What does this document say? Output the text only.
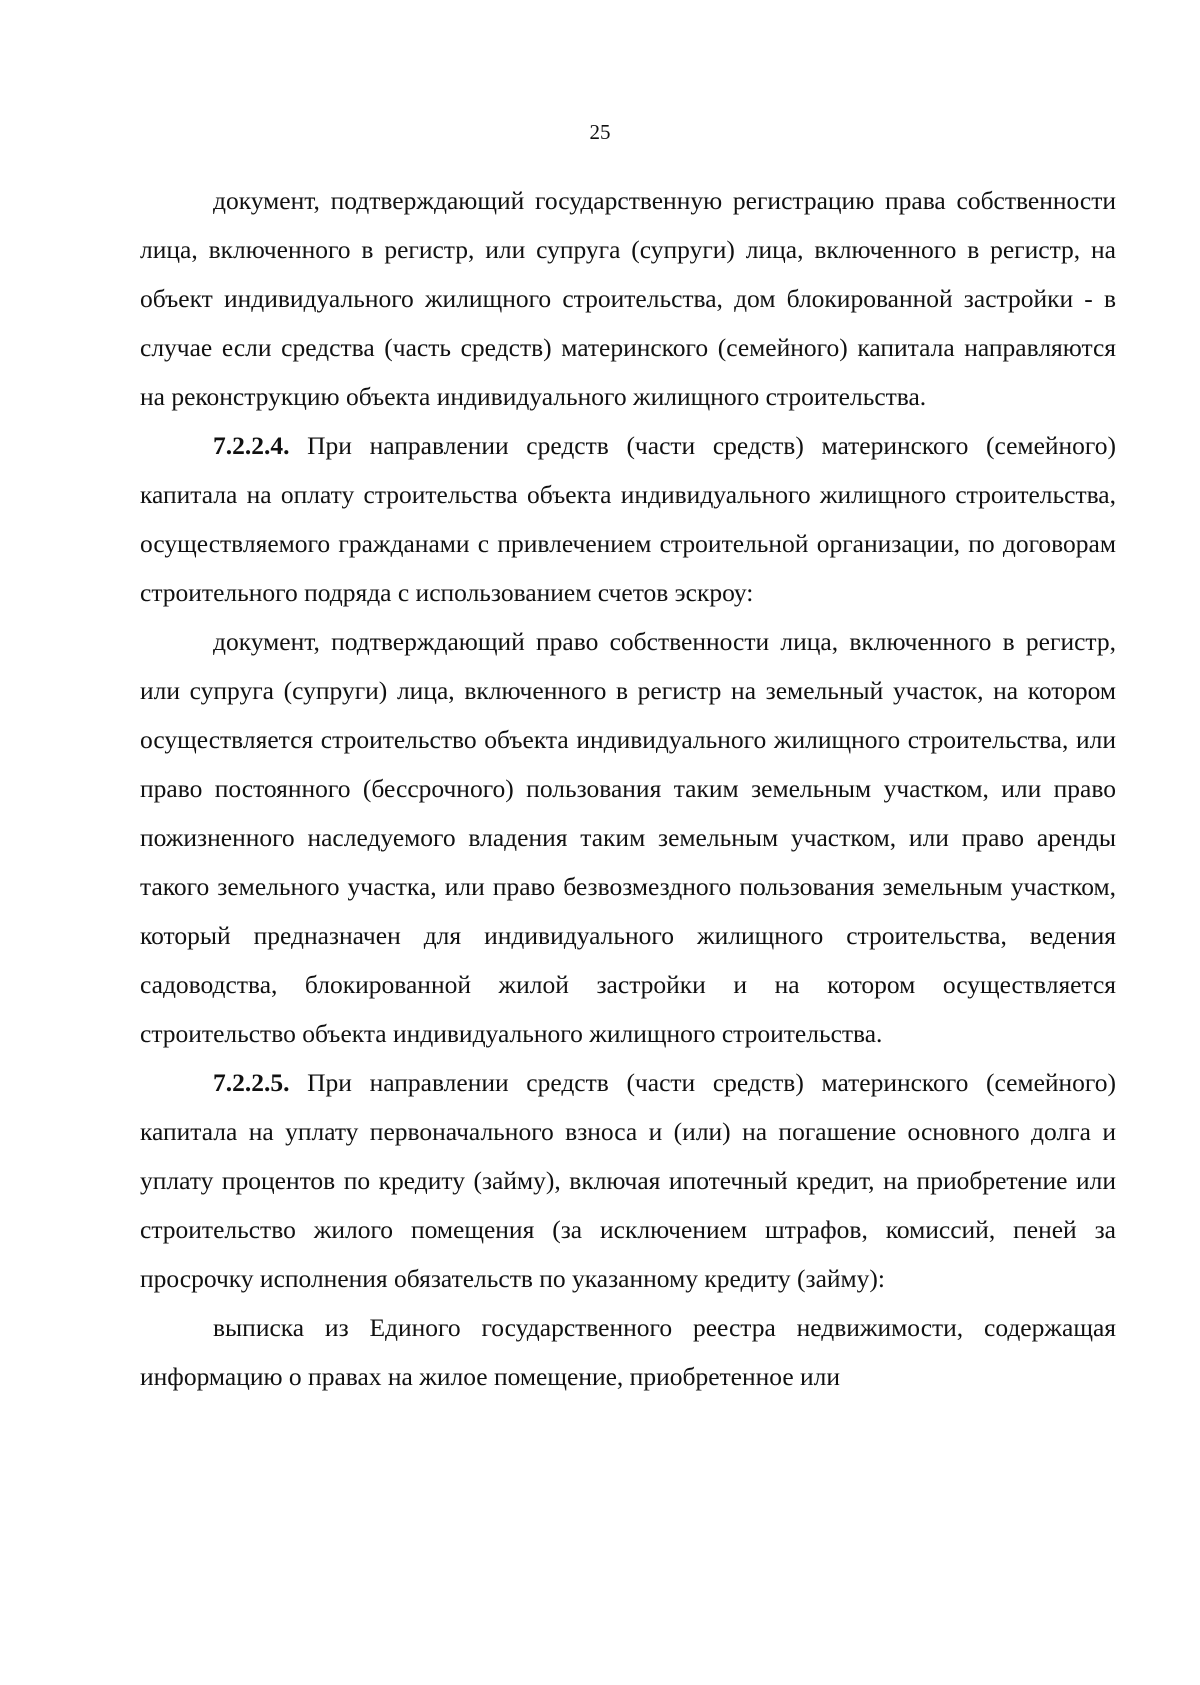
25

документ, подтверждающий государственную регистрацию права собственности лица, включенного в регистр, или супруга (супруги) лица, включенного в регистр, на объект индивидуального жилищного строительства, дом блокированной застройки - в случае если средства (часть средств) материнского (семейного) капитала направляются на реконструкцию объекта индивидуального жилищного строительства.

7.2.2.4. При направлении средств (части средств) материнского (семейного) капитала на оплату строительства объекта индивидуального жилищного строительства, осуществляемого гражданами с привлечением строительной организации, по договорам строительного подряда с использованием счетов эскроу:

документ, подтверждающий право собственности лица, включенного в регистр, или супруга (супруги) лица, включенного в регистр на земельный участок, на котором осуществляется строительство объекта индивидуального жилищного строительства, или право постоянного (бессрочного) пользования таким земельным участком, или право пожизненного наследуемого владения таким земельным участком, или право аренды такого земельного участка, или право безвозмездного пользования земельным участком, который предназначен для индивидуального жилищного строительства, ведения садоводства, блокированной жилой застройки и на котором осуществляется строительство объекта индивидуального жилищного строительства.

7.2.2.5. При направлении средств (части средств) материнского (семейного) капитала на уплату первоначального взноса и (или) на погашение основного долга и уплату процентов по кредиту (займу), включая ипотечный кредит, на приобретение или строительство жилого помещения (за исключением штрафов, комиссий, пеней за просрочку исполнения обязательств по указанному кредиту (займу):

выписка из Единого государственного реестра недвижимости, содержащая информацию о правах на жилое помещение, приобретенное или
